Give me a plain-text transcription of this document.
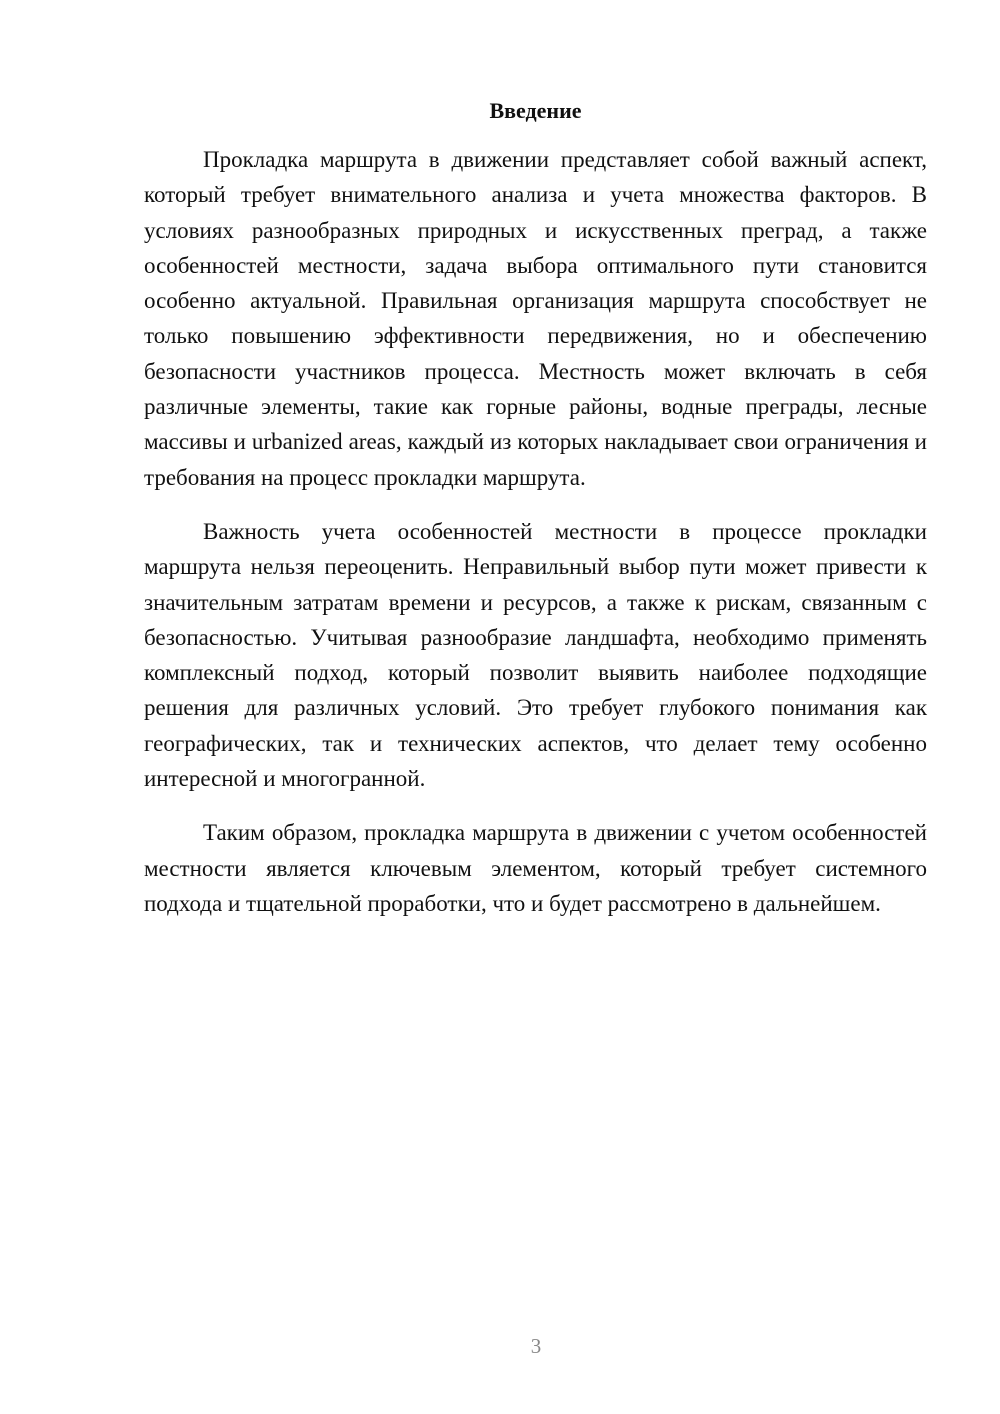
Введение

Прокладка маршрута в движении представляет собой важный аспект, который требует внимательного анализа и учета множества факторов. В условиях разнообразных природных и искусственных преград, а также особенностей местности, задача выбора оптимального пути становится особенно актуальной. Правильная организация маршрута способствует не только повышению эффективности передвижения, но и обеспечению безопасности участников процесса. Местность может включать в себя различные элементы, такие как горные районы, водные преграды, лесные массивы и urbanized areas, каждый из которых накладывает свои ограничения и требования на процесс прокладки маршрута.

Важность учета особенностей местности в процессе прокладки маршрута нельзя переоценить. Неправильный выбор пути может привести к значительным затратам времени и ресурсов, а также к рискам, связанным с безопасностью. Учитывая разнообразие ландшафта, необходимо применять комплексный подход, который позволит выявить наиболее подходящие решения для различных условий. Это требует глубокого понимания как географических, так и технических аспектов, что делает тему особенно интересной и многогранной.

Таким образом, прокладка маршрута в движении с учетом особенностей местности является ключевым элементом, который требует системного подхода и тщательной проработки, что и будет рассмотрено в дальнейшем.

3
